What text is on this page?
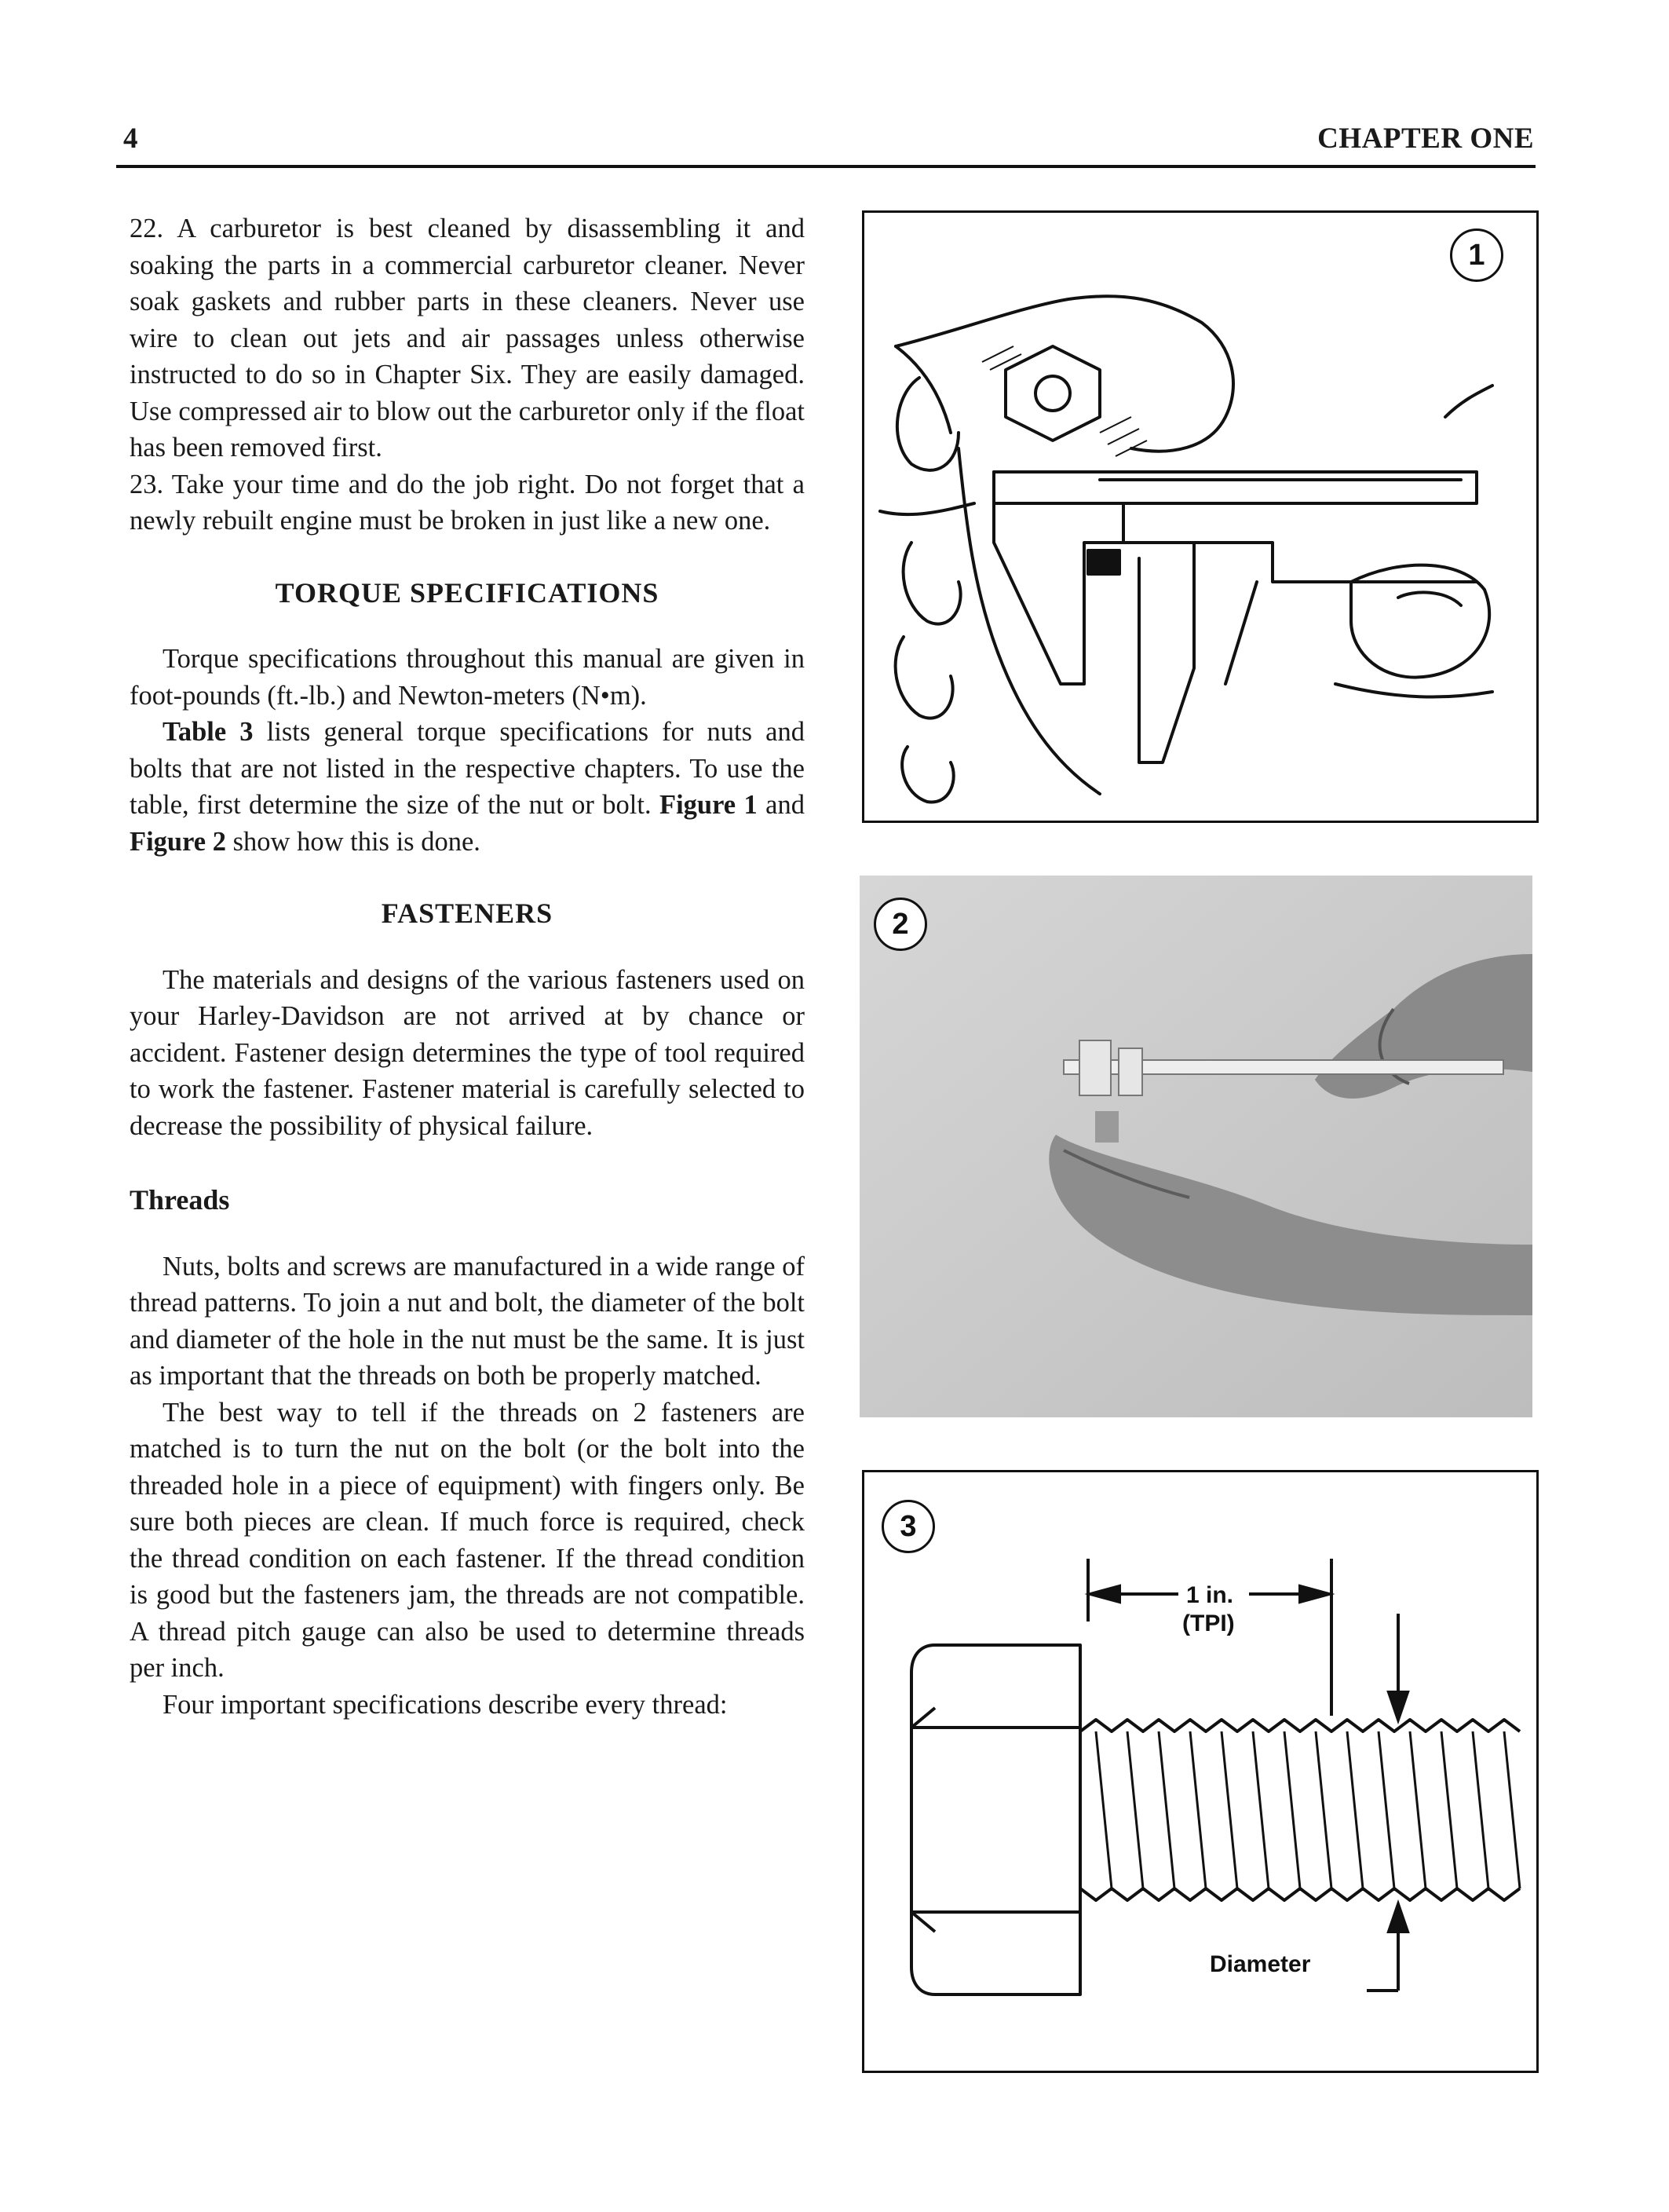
4	CHAPTER ONE

22. A carburetor is best cleaned by disassembling it and soaking the parts in a commercial carburetor cleaner. Never soak gaskets and rubber parts in these cleaners. Never use wire to clean out jets and air passages unless otherwise instructed to do so in Chapter Six. They are easily damaged. Use compressed air to blow out the carburetor only if the float has been removed first.

23. Take your time and do the job right. Do not forget that a newly rebuilt engine must be broken in just like a new one.

TORQUE SPECIFICATIONS

Torque specifications throughout this manual are given in foot-pounds (ft.-lb.) and Newton-meters (N•m).

Table 3 lists general torque specifications for nuts and bolts that are not listed in the respective chapters. To use the table, first determine the size of the nut or bolt. Figure 1 and Figure 2 show how this is done.

FASTENERS

The materials and designs of the various fasteners used on your Harley-Davidson are not arrived at by chance or accident. Fastener design determines the type of tool required to work the fastener. Fastener material is carefully selected to decrease the possibility of physical failure.

Threads

Nuts, bolts and screws are manufactured in a wide range of thread patterns. To join a nut and bolt, the diameter of the bolt and diameter of the hole in the nut must be the same. It is just as important that the threads on both be properly matched.

The best way to tell if the threads on 2 fasteners are matched is to turn the nut on the bolt (or the bolt into the threaded hole in a piece of equipment) with fingers only. Be sure both pieces are clean. If much force is required, check the thread condition on each fastener. If the thread condition is good but the fasteners jam, the threads are not compatible. A thread pitch gauge can also be used to determine threads per inch.

Four important specifications describe every thread:

1
2
3
1 in.
(TPI)
Diameter
